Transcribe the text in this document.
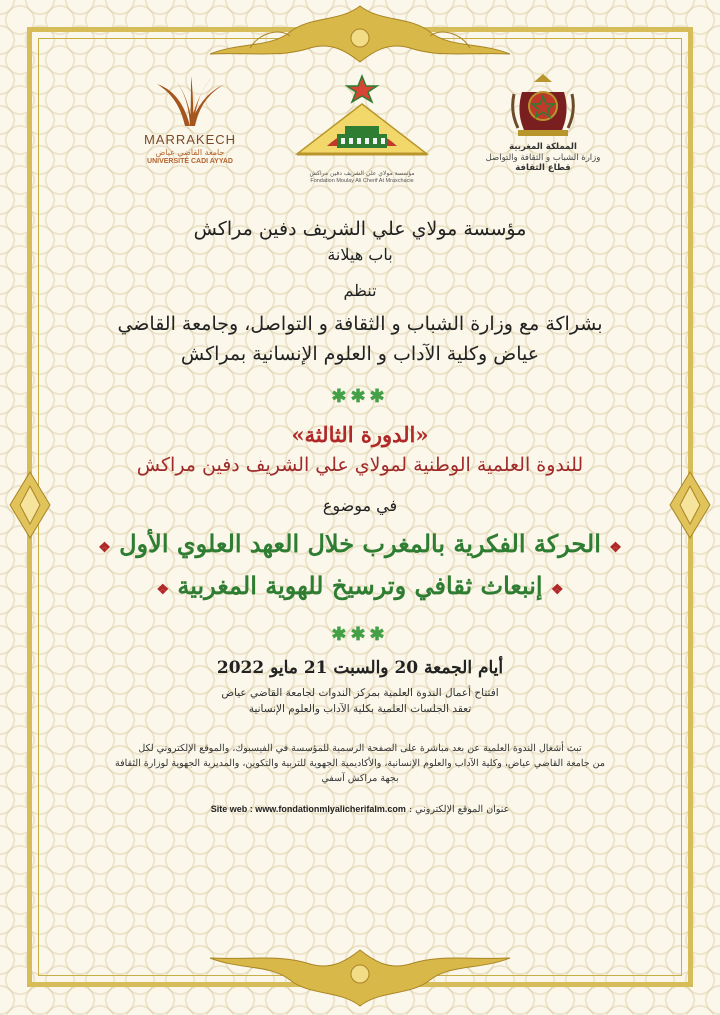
MARRAKECH
جامعة القاضي عياض
UNIVERSITÉ CADI AYYAD
مؤسسة مولاي علي الشريف دفين مراكش
Fondation Moulay Ali Cherif At Mraxchacie
المملكة المغربية
وزارة الشباب و الثقافة والتواصل
قطاع الثقافة

مؤسسة مولاي علي الشريف دفين مراكش

باب هيلانة

تنظم

بشراكة مع وزارة الشباب و الثقافة و التواصل، وجامعة القاضي

عياض وكلية الآداب و العلوم الإنسانية بمراكش

✱✱✱

«الدورة الثالثة»

للندوة العلمية الوطنية لمولاي علي الشريف دفين مراكش

في موضوع

❖ الحركة الفكرية بالمغرب خلال العهد العلوي الأول ❖

❖ إنبعاث ثقافي وترسيخ للهوية المغربية ❖

✱✱✱

أيام الجمعة 20 والسبت 21 مايو 2022

افتتاح أعمال الندوة العلمية بمركز الندوات لجامعة القاضي عياض

تعقد الجلسات العلمية بكلية الآداب والعلوم الإنسانية

تبث أشغال الندوة العلمية عن بعد مباشرة على الصفحة الرسمية للمؤسسة في الفيسبوك، والموقع الإلكتروني لكل

من جامعة القاضي عياض، وكلية الآداب والعلوم الإنسانية، والأكاديمية الجهوية للتربية والتكوين، والمديرية الجهوية لوزارة الثقافة

بجهة مراكش آسفي

عنوان الموقع الإلكتروني : Site web : www.fondationmlyalicherifalm.com
